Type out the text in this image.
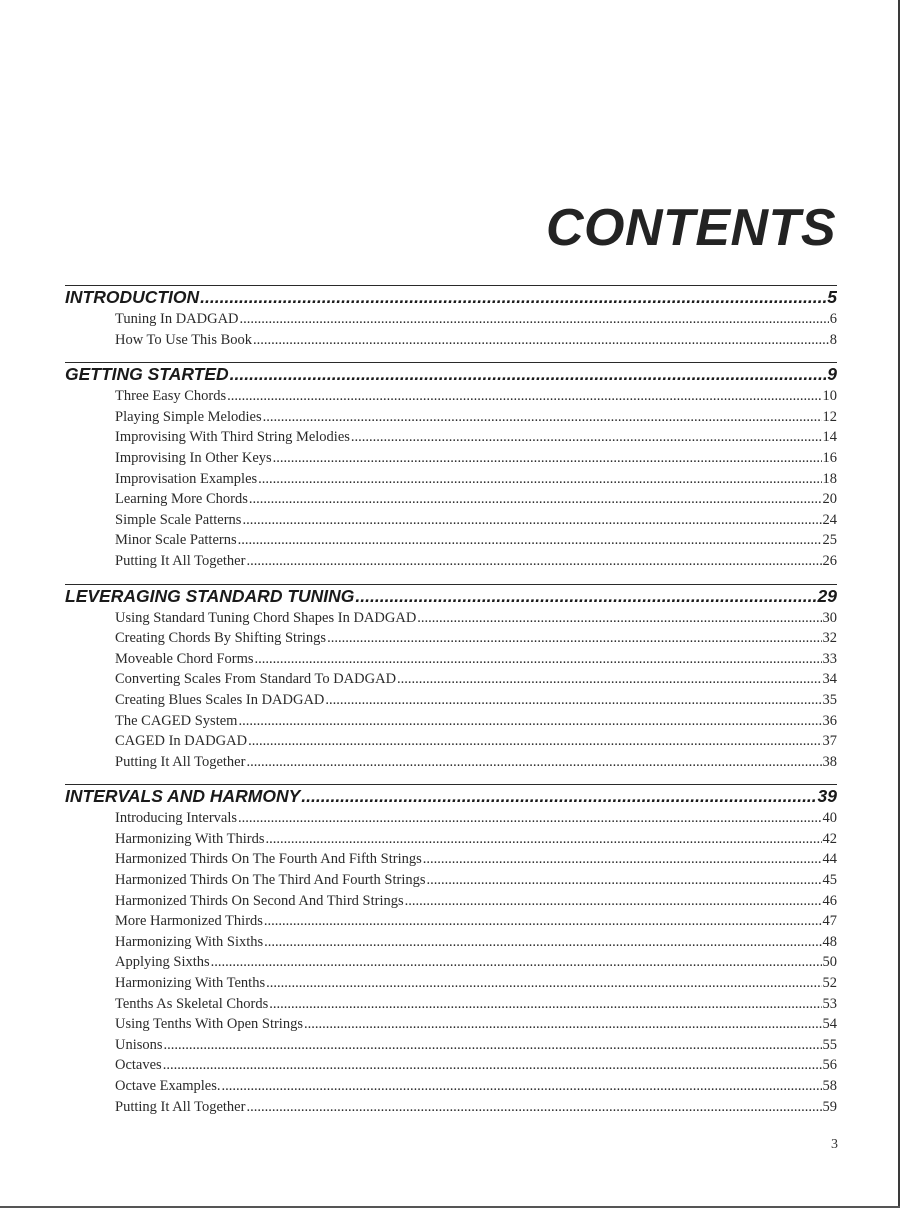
CONTENTS
INTRODUCTION .....	5
Tuning In DADGAD .....	6
How To Use This Book .....	8
GETTING STARTED .....	9
Three Easy Chords .....	10
Playing Simple Melodies .....	12
Improvising With Third String Melodies .....	14
Improvising In Other Keys .....	16
Improvisation Examples .....	18
Learning More Chords .....	20
Simple Scale Patterns .....	24
Minor Scale Patterns .....	25
Putting It All Together .....	26
LEVERAGING STANDARD TUNING .....	29
Using Standard Tuning Chord Shapes In DADGAD .....	30
Creating Chords By Shifting Strings .....	32
Moveable Chord Forms .....	33
Converting Scales From Standard To DADGAD .....	34
Creating Blues Scales In DADGAD .....	35
The CAGED System .....	36
CAGED In DADGAD .....	37
Putting It All Together .....	38
INTERVALS AND HARMONY .....	39
Introducing Intervals .....	40
Harmonizing With Thirds .....	42
Harmonized Thirds On The Fourth And Fifth Strings .....	44
Harmonized Thirds On The Third And Fourth Strings .....	45
Harmonized Thirds On Second And Third Strings .....	46
More Harmonized Thirds .....	47
Harmonizing With Sixths .....	48
Applying Sixths .....	50
Harmonizing With Tenths .....	52
Tenths As Skeletal Chords .....	53
Using Tenths With Open Strings .....	54
Unisons .....	55
Octaves .....	56
Octave Examples. .....	58
Putting It All Together .....	59
3
